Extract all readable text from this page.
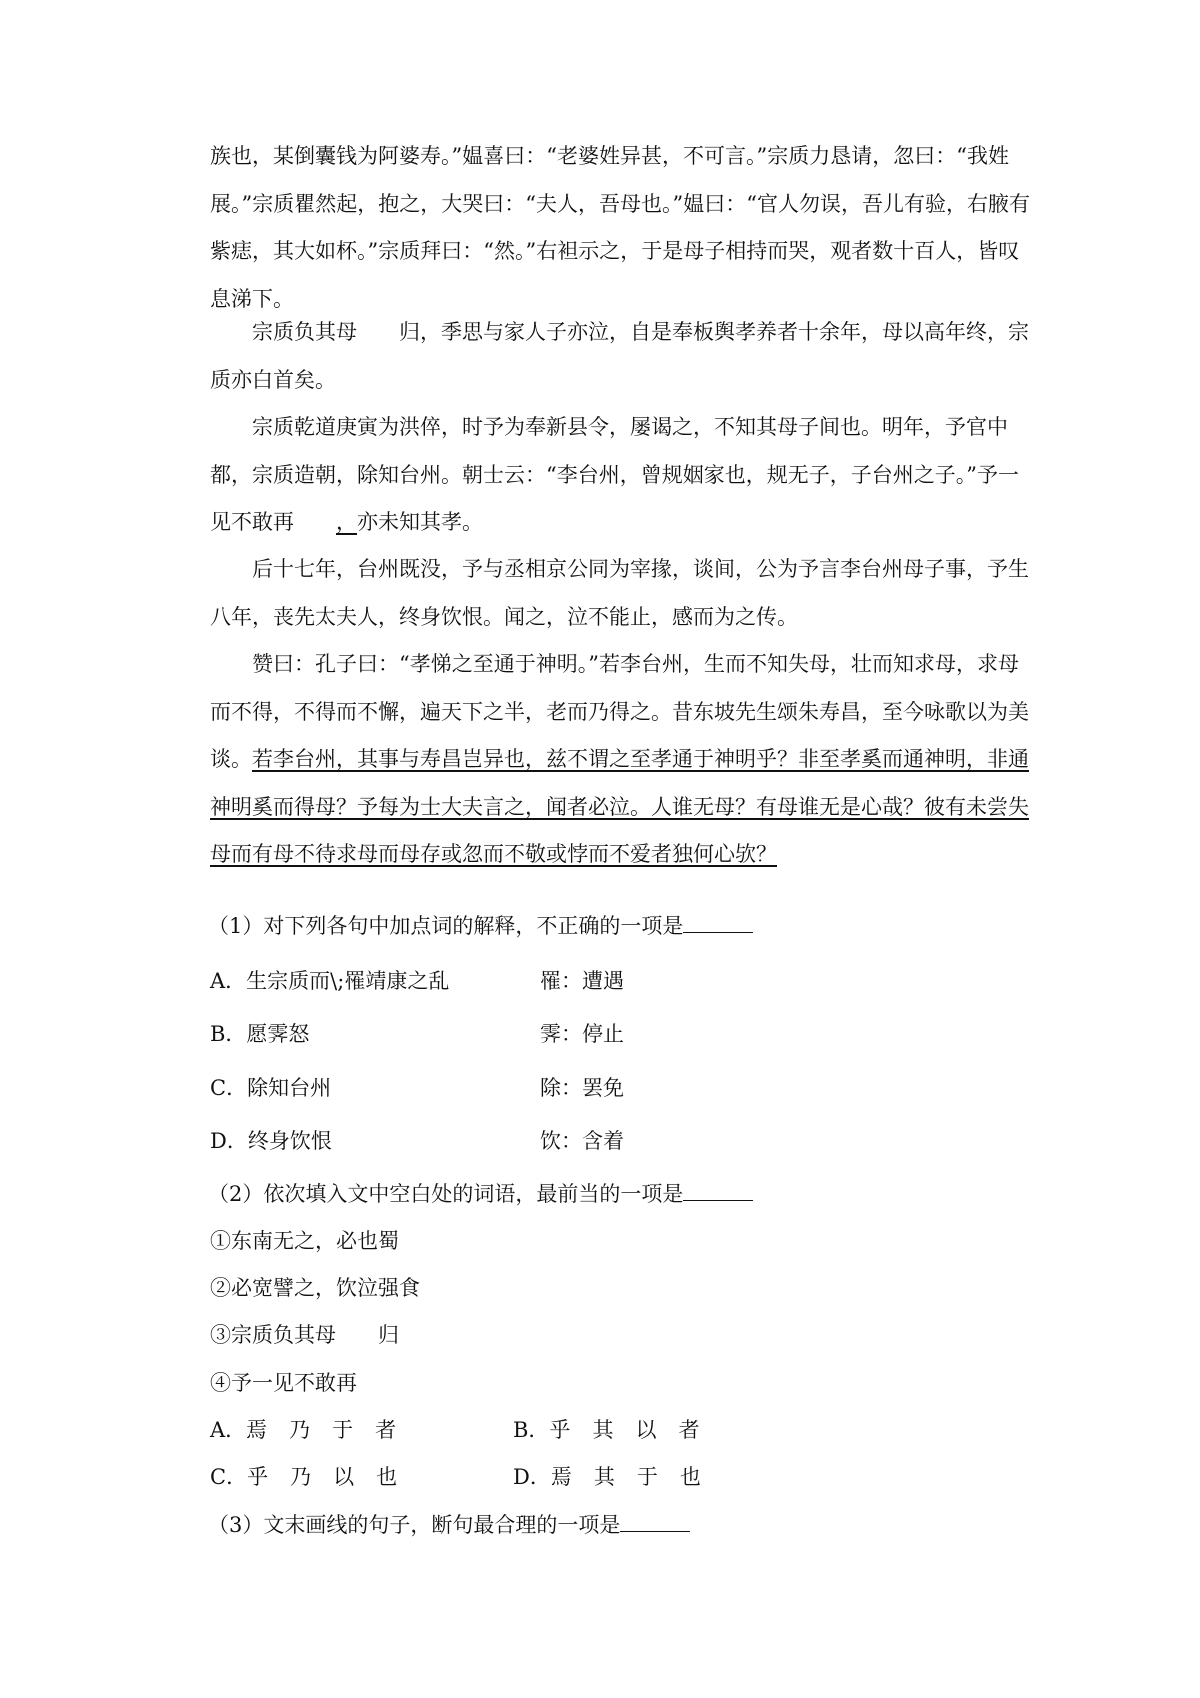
族也，某倒囊钱为阿婆寿。”媪喜曰：“老婆姓异甚，不可言。”宗质力恳请，忽曰：“我姓展。”宗质瞿然起，抱之，大哭曰：“夫人，吾母也。”媪曰：“官人勿误，吾儿有验，右腋有紫痣，其大如杯。”宗质拜曰：“然。”右袒示之，于是母子相持而哭，观者数十百人，皆叹息涕下。
宗质负其母 归，季思与家人子亦泣，自是奉板舆孝养者十余年，母以高年终，宗质亦白首矣。
宗质乾道庚寅为洪倅，时予为奉新县令，屡谒之，不知其母子间也。明年，予官中都，宗质造朝，除知台州。朝士云：“李台州，曾规姻家也，规无子，子台州之子。”予一见不敢再 ，亦未知其孝。
后十七年，台州既没，予与丞相京公同为宰掾，谈间，公为予言李台州母子事，予生八年，丧先太夫人，终身饮恨。闻之，泣不能止，感而为之传。
赞曰：孔子曰：“孝悌之至通于神明。”若李台州，生而不知失母，壮而知求母，求母而不得，不得而不懈，遍天下之半，老而乃得之。昔东坡先生颂朱寿昌，至今咏歌以为美谈。若李台州，其事与寿昌岂异也，兹不谓之至孝通于神明乎？非至孝奚而通神明，非通神明奚而得母？予每为士大夫言之，闻者必泣。人谁无母？有母谁无是心哉？彼有未尝失母而有母不待求母而母存或忽而不敬或悖而不爱者独何心欤？
（1）对下列各句中加点词的解释，不正确的一项是
A．生宗质而\;罹靖康之乱	罹：遭遇
B．愿霁怒	霁：停止
C．除知台州	除：罢免
D．终身饮恨	饮：含着
（2）依次填入文中空白处的词语，最前当的一项是
①东南无之，必也蜀
②必宽譬之，饮泣强食
③宗质负其母 归
④予一见不敢再
A．焉 乃 于 者	B．乎 其 以 者
C．乎 乃 以 也	D．焉 其 于 也
（3）文末画线的句子，断句最合理的一项是
